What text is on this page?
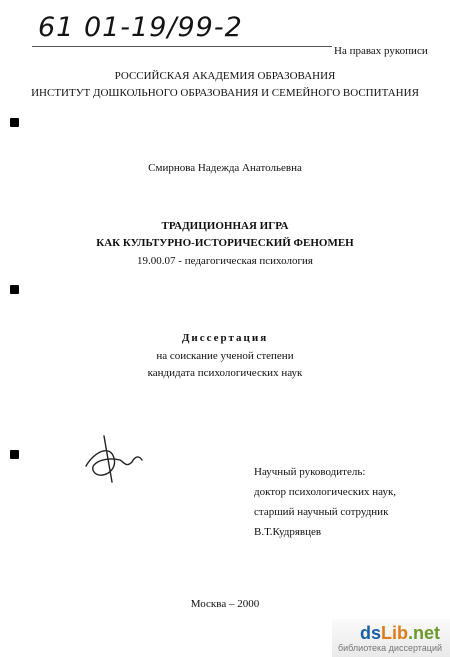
61 01-19/99-2
На правах рукописи
РОССИЙСКАЯ АКАДЕМИЯ ОБРАЗОВАНИЯ
ИНСТИТУТ ДОШКОЛЬНОГО ОБРАЗОВАНИЯ И СЕМЕЙНОГО ВОСПИТАНИЯ
Смирнова Надежда Анатольевна
ТРАДИЦИОННАЯ ИГРА
КАК КУЛЬТУРНО-ИСТОРИЧЕСКИЙ ФЕНОМЕН
19.00.07 - педагогическая психология
Диссертация
на соискание ученой степени
кандидата психологических наук
Научный руководитель:
доктор психологических наук,
старший научный сотрудник
В.Т.Кудрявцев
Москва – 2000
dsLib.net
библиотека диссертаций
